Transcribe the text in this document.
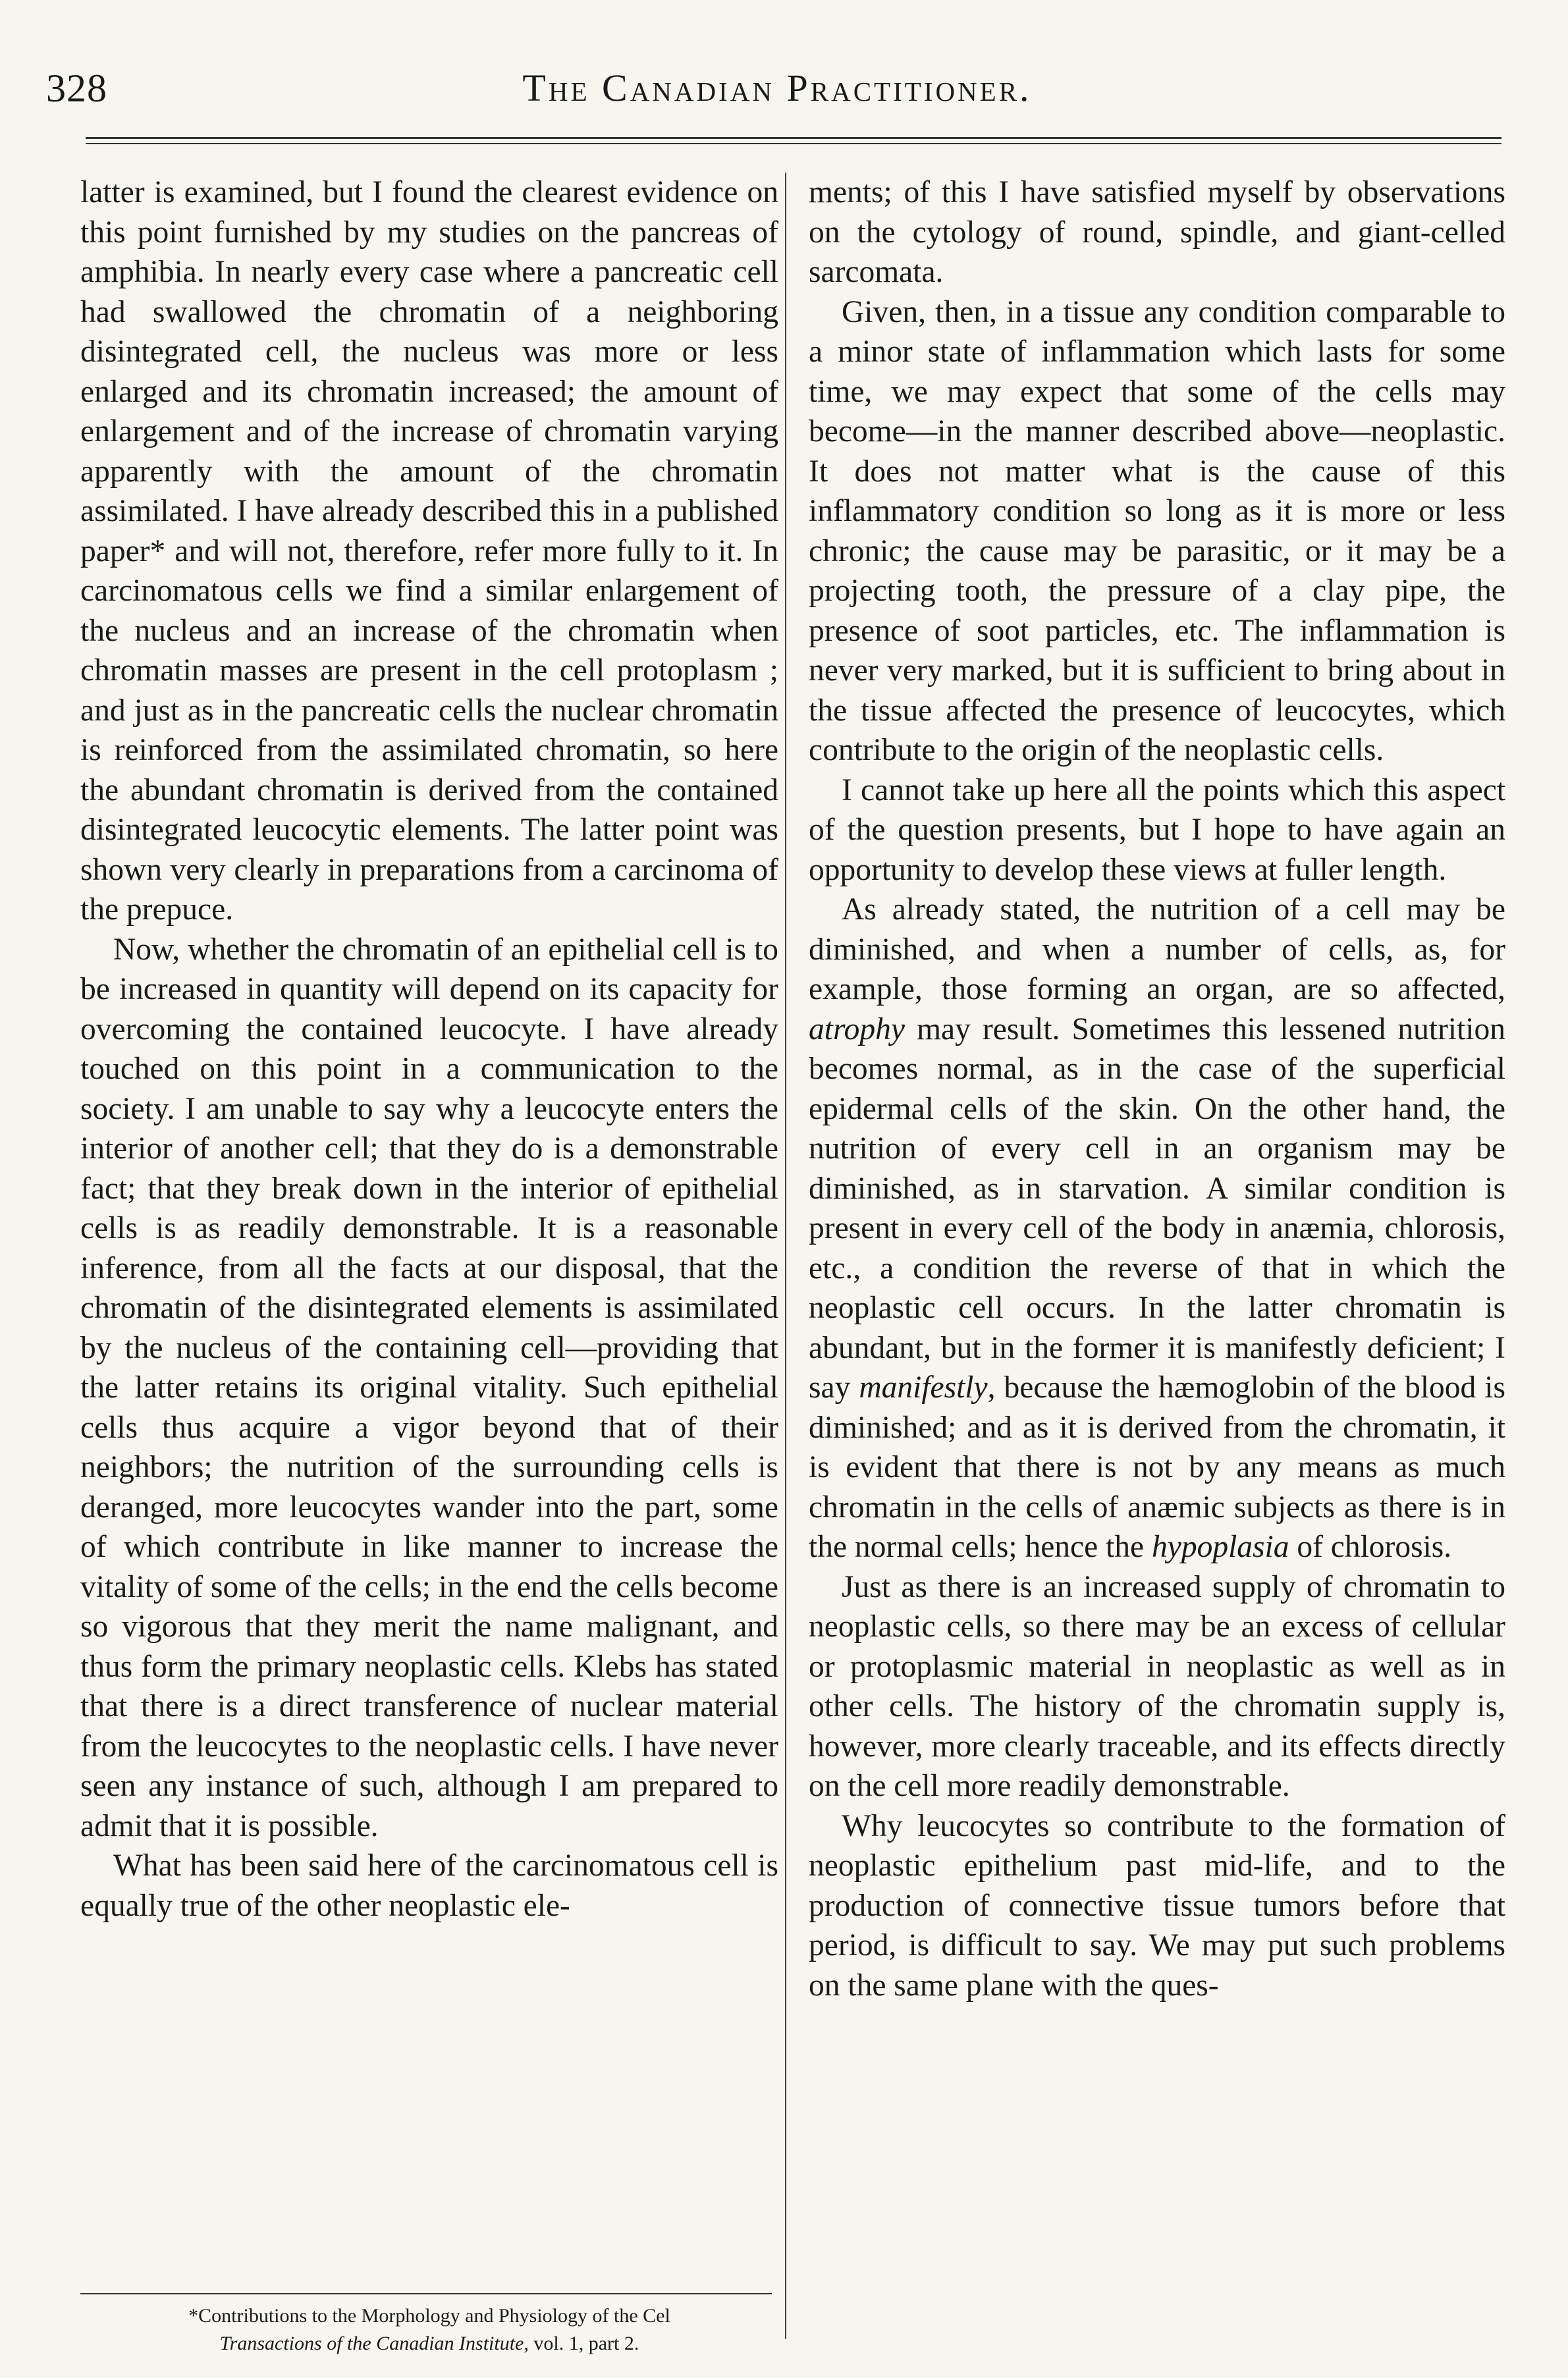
328	The Canadian Practitioner.

latter is examined, but I found the clearest evidence on this point furnished by my studies on the pancreas of amphibia. In nearly every case where a pancreatic cell had swallowed the chromatin of a neighboring disintegrated cell, the nucleus was more or less enlarged and its chromatin increased; the amount of enlargement and of the increase of chromatin varying apparently with the amount of the chromatin assimilated. I have already described this in a published paper* and will not, therefore, refer more fully to it. In carcinomatous cells we find a similar enlargement of the nucleus and an increase of the chromatin when chromatin masses are present in the cell protoplasm ; and just as in the pancreatic cells the nuclear chromatin is reinforced from the assimilated chromatin, so here the abundant chromatin is derived from the contained disintegrated leucocytic elements. The latter point was shown very clearly in preparations from a carcinoma of the prepuce.

Now, whether the chromatin of an epithelial cell is to be increased in quantity will depend on its capacity for overcoming the contained leucocyte. I have already touched on this point in a communication to the society. I am unable to say why a leucocyte enters the interior of another cell; that they do is a demonstrable fact; that they break down in the interior of epithelial cells is as readily demonstrable. It is a reasonable inference, from all the facts at our disposal, that the chromatin of the disintegrated elements is assimilated by the nucleus of the containing cell—providing that the latter retains its original vitality. Such epithelial cells thus acquire a vigor beyond that of their neighbors; the nutrition of the surrounding cells is deranged, more leucocytes wander into the part, some of which contribute in like manner to increase the vitality of some of the cells; in the end the cells become so vigorous that they merit the name malignant, and thus form the primary neoplastic cells. Klebs has stated that there is a direct transference of nuclear material from the leucocytes to the neoplastic cells. I have never seen any instance of such, although I am prepared to admit that it is possible.

What has been said here of the carcinomatous cell is equally true of the other neoplastic ele-

ments; of this I have satisfied myself by observations on the cytology of round, spindle, and giant-celled sarcomata.

Given, then, in a tissue any condition comparable to a minor state of inflammation which lasts for some time, we may expect that some of the cells may become—in the manner described above—neoplastic. It does not matter what is the cause of this inflammatory condition so long as it is more or less chronic; the cause may be parasitic, or it may be a projecting tooth, the pressure of a clay pipe, the presence of soot particles, etc. The inflammation is never very marked, but it is sufficient to bring about in the tissue affected the presence of leucocytes, which contribute to the origin of the neoplastic cells.

I cannot take up here all the points which this aspect of the question presents, but I hope to have again an opportunity to develop these views at fuller length.

As already stated, the nutrition of a cell may be diminished, and when a number of cells, as, for example, those forming an organ, are so affected, atrophy may result. Sometimes this lessened nutrition becomes normal, as in the case of the superficial epidermal cells of the skin. On the other hand, the nutrition of every cell in an organism may be diminished, as in starvation. A similar condition is present in every cell of the body in anæmia, chlorosis, etc., a condition the reverse of that in which the neoplastic cell occurs. In the latter chromatin is abundant, but in the former it is manifestly deficient; I say manifestly, because the hæmoglobin of the blood is diminished; and as it is derived from the chromatin, it is evident that there is not by any means as much chromatin in the cells of anæmic subjects as there is in the normal cells; hence the hypoplasia of chlorosis.

Just as there is an increased supply of chromatin to neoplastic cells, so there may be an excess of cellular or protoplasmic material in neoplastic as well as in other cells. The history of the chromatin supply is, however, more clearly traceable, and its effects directly on the cell more readily demonstrable.

Why leucocytes so contribute to the formation of neoplastic epithelium past mid-life, and to the production of connective tissue tumors before that period, is difficult to say. We may put such problems on the same plane with the ques-

*Contributions to the Morphology and Physiology of the Cel
Transactions of the Canadian Institute, vol. 1, part 2.
